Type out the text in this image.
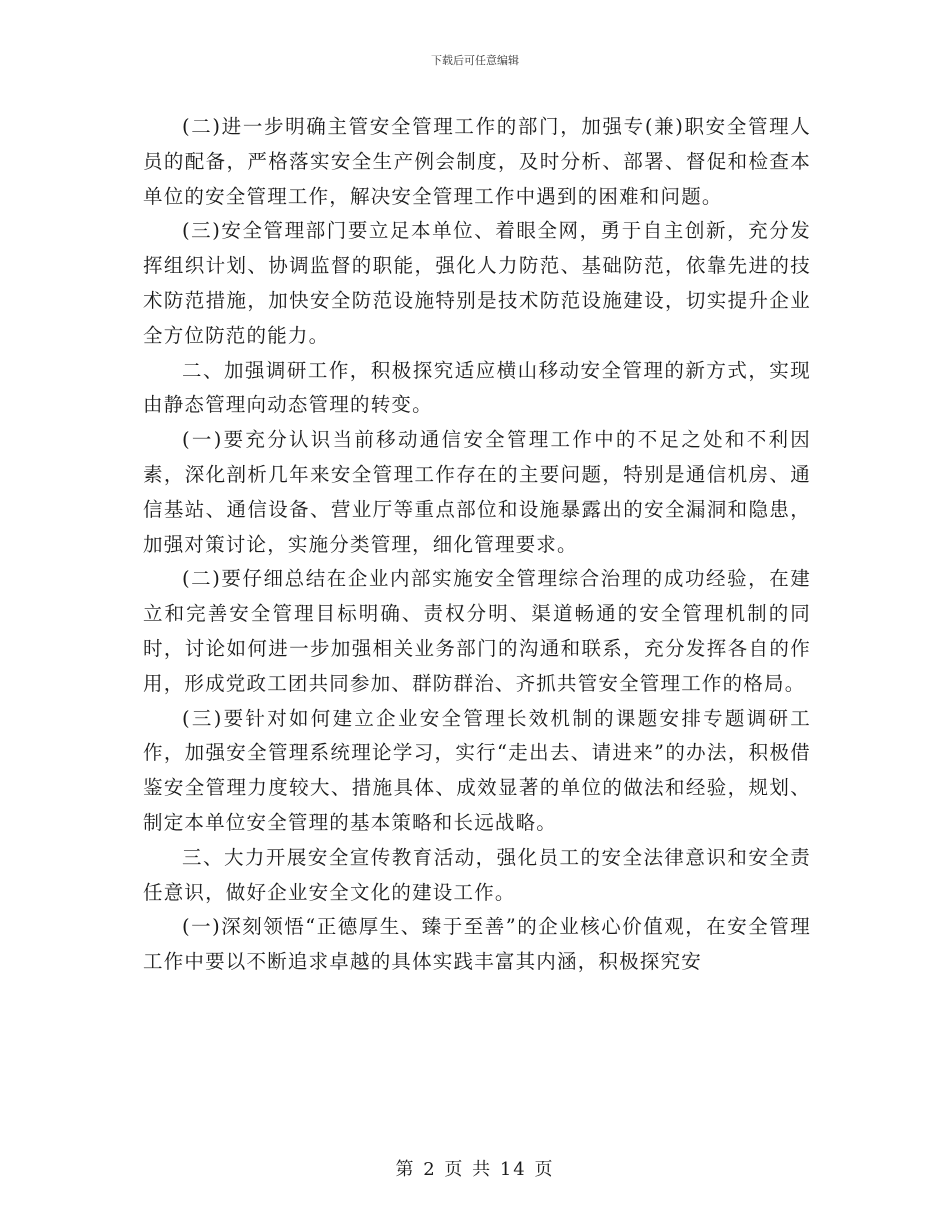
下载后可任意编辑

(二)进一步明确主管安全管理工作的部门，加强专(兼)职安全管理人员的配备，严格落实安全生产例会制度，及时分析、部署、督促和检查本单位的安全管理工作，解决安全管理工作中遇到的困难和问题。

(三)安全管理部门要立足本单位、着眼全网，勇于自主创新，充分发挥组织计划、协调监督的职能，强化人力防范、基础防范，依靠先进的技术防范措施，加快安全防范设施特别是技术防范设施建设，切实提升企业全方位防范的能力。

二、加强调研工作，积极探究适应横山移动安全管理的新方式，实现由静态管理向动态管理的转变。

(一)要充分认识当前移动通信安全管理工作中的不足之处和不利因素，深化剖析几年来安全管理工作存在的主要问题，特别是通信机房、通信基站、通信设备、营业厅等重点部位和设施暴露出的安全漏洞和隐患，加强对策讨论，实施分类管理，细化管理要求。

(二)要仔细总结在企业内部实施安全管理综合治理的成功经验，在建立和完善安全管理目标明确、责权分明、渠道畅通的安全管理机制的同时，讨论如何进一步加强相关业务部门的沟通和联系，充分发挥各自的作用，形成党政工团共同参加、群防群治、齐抓共管安全管理工作的格局。

(三)要针对如何建立企业安全管理长效机制的课题安排专题调研工作，加强安全管理系统理论学习，实行“走出去、请进来”的办法，积极借鉴安全管理力度较大、措施具体、成效显著的单位的做法和经验，规划、制定本单位安全管理的基本策略和长远战略。

三、大力开展安全宣传教育活动，强化员工的安全法律意识和安全责任意识，做好企业安全文化的建设工作。

(一)深刻领悟“正德厚生、臻于至善”的企业核心价值观，在安全管理工作中要以不断追求卓越的具体实践丰富其内涵，积极探究安

第 2 页 共 14 页
